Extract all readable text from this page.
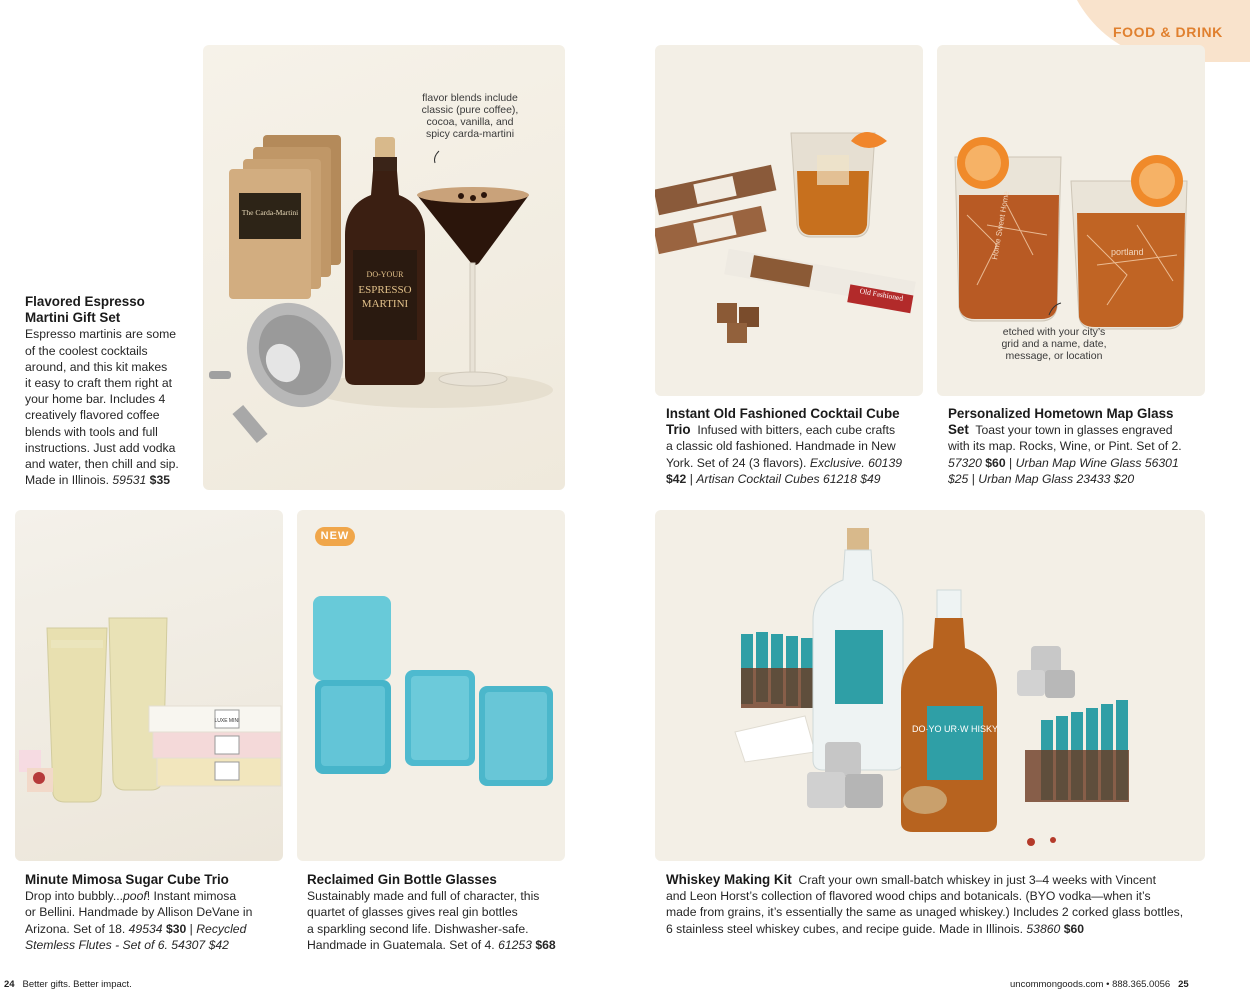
FOOD & DRINK
The Carda-Martini
DO-YOUR
ESPRESSO
MARTINI
flavor blends include
classic (pure coffee),
cocoa, vanilla, and
spicy carda-martini
Old Fashioned
Home Sweet Home	portland
etched with your city’s
grid and a name, date,
message, or location
LUXE MINI
NEW
DO·YO UR·W HISKY
Flavored Espresso
Martini Gift Set
Espresso martinis are some
of the coolest cocktails
around, and this kit makes
it easy to craft them right at
your home bar. Includes 4
creatively flavored coffee
blends with tools and full
instructions. Just add vodka
and water, then chill and sip.
Made in Illinois. 59531 $35
Instant Old Fashioned Cocktail Cube
Trio Infused with bitters, each cube crafts
a classic old fashioned. Handmade in New
York. Set of 24 (3 flavors). Exclusive. 60139
$42 | Artisan Cocktail Cubes 61218 $49
Personalized Hometown Map Glass
Set Toast your town in glasses engraved
with its map. Rocks, Wine, or Pint. Set of 2.
57320 $60 | Urban Map Wine Glass 56301
$25 | Urban Map Glass 23433 $20
Minute Mimosa Sugar Cube Trio
Drop into bubbly...poof! Instant mimosa
or Bellini. Handmade by Allison DeVane in
Arizona. Set of 18. 49534 $30 | Recycled
Stemless Flutes - Set of 6. 54307 $42
Reclaimed Gin Bottle Glasses
Sustainably made and full of character, this
quartet of glasses gives real gin bottles
a sparkling second life. Dishwasher-safe.
Handmade in Guatemala. Set of 4. 61253 $68
Whiskey Making Kit Craft your own small-batch whiskey in just 3–4 weeks with Vincent
and Leon Horst’s collection of flavored wood chips and botanicals. (BYO vodka—when it’s
made from grains, it’s essentially the same as unaged whiskey.) Includes 2 corked glass bottles,
6 stainless steel whiskey cubes, and recipe guide. Made in Illinois. 53860 $60
24 Better gifts. Better impact.	uncommongoods.com • 888.365.0056 25
